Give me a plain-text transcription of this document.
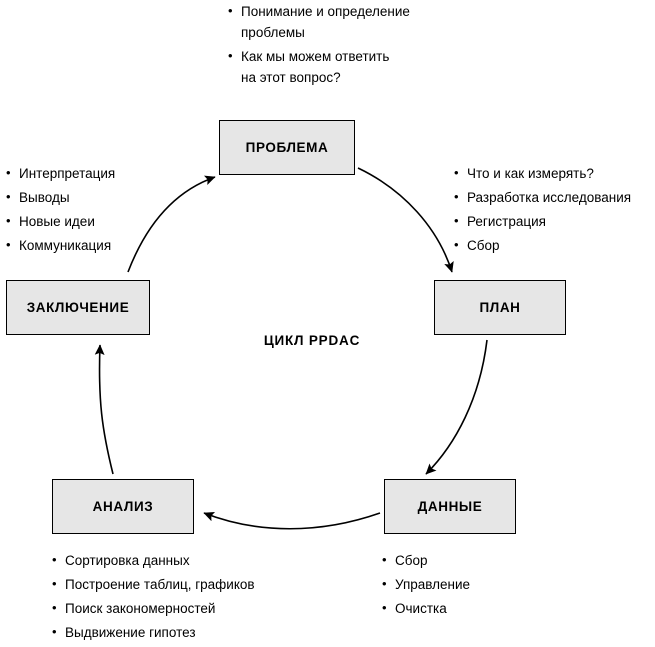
ПРОБЛЕМА
ПЛАН
ДАННЫЕ
АНАЛИЗ
ЗАКЛЮЧЕНИЕ
ЦИКЛ PPDAC
• Понимание и определение
проблемы
• Как мы можем ответить
на этот вопрос?
• Что и как измерять?
• Разработка исследования
• Регистрация
• Сбор
• Интерпретация
• Выводы
• Новые идеи
• Коммуникация
• Сортировка данных
• Построение таблиц, графиков
• Поиск закономерностей
• Выдвижение гипотез
• Сбор
• Управление
• Очистка
